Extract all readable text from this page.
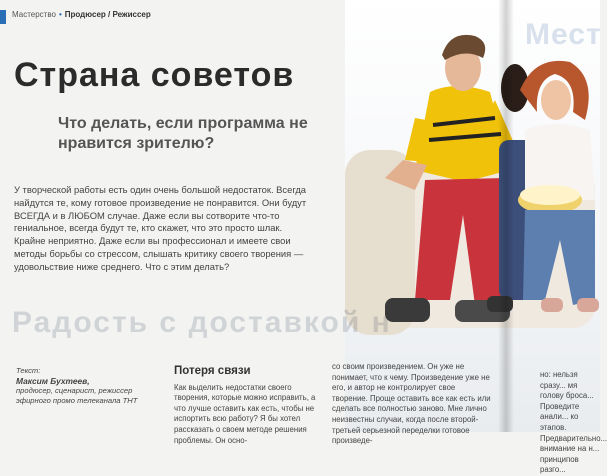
Мест
Мастерство • Продюсер / Режиссер
Страна советов
Что делать, если программа не нравится зрителю?

У творческой работы есть один очень большой недостаток. Всегда найдутся те, кому готовое произведение не понравится. Они будут ВСЕГДА и в ЛЮБОМ случае. Даже если вы сотворите что-то гениальное, всегда будут те, кто скажет, что это просто шлак. Крайне неприятно. Даже если вы профессионал и имеете свои методы борьбы со стрессом, слышать критику своего творения — удовольствие ниже среднего. Что с этим делать?

Радость с доставкой н
Текст:
Максим Бухтеев,
продюсер, сценарист, режиссер эфирного промо телеканала ТНТ
Потеря связи

Как выделить недостатки своего творения, которые можно исправить, а что лучше оставить как есть, чтобы не испортить всю работу? Я бы хотел рассказать о своем методе решения проблемы. Он осно-

со своим произведением. Он уже не понимает, что к чему. Произведение уже не его, и автор не контролирует свое творение. Проще оставить все как есть или сделать все полностью заново. Мне лично неизвестны случаи, когда после второй-третьей серьезной переделки готовое произведе-

но: нельзя сразу... мя голову броса... Проведите анали... ко этапов. Предварительно... внимание на н... принципов разго...
